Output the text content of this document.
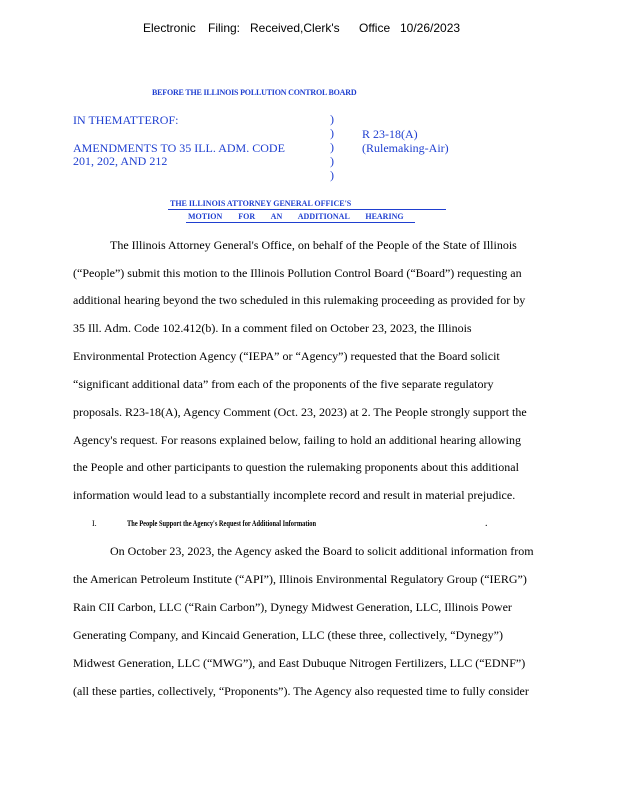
Electronic Filing: Received,Clerk's Office 10/26/2023
BEFORE THE ILLINOIS POLLUTION CONTROL BOARD
IN THEMATTEROF:
AMENDMENTS TO 35 ILL. ADM. CODE
201, 202, AND 212
)
)
)
)
)
R 23-18(A)
(Rulemaking-Air)
THE ILLINOIS ATTORNEY GENERAL OFFICE'S
MOTION FOR AN ADDITIONAL HEARING
The Illinois Attorney General's Office, on behalf of the People of the State of Illinois
(“People”) submit this motion to the Illinois Pollution Control Board (“Board”) requesting an
additional hearing beyond the two scheduled in this rulemaking proceeding as provided for by
35 Ill. Adm. Code 102.412(b). In a comment filed on October 23, 2023, the Illinois
Environmental Protection Agency (“IEPA” or “Agency”) requested that the Board solicit
“significant additional data” from each of the proponents of the five separate regulatory
proposals. R23-18(A), Agency Comment (Oct. 23, 2023) at 2. The People strongly support the
Agency's request. For reasons explained below, failing to hold an additional hearing allowing
the People and other participants to question the rulemaking proponents about this additional
information would lead to a substantially incomplete record and result in material prejudice.
I.	The People Support the Agency's Request for Additional Information	.
On October 23, 2023, the Agency asked the Board to solicit additional information from
the American Petroleum Institute (“API”), Illinois Environmental Regulatory Group (“IERG”)
Rain CII Carbon, LLC (“Rain Carbon”), Dynegy Midwest Generation, LLC, Illinois Power
Generating Company, and Kincaid Generation, LLC (these three, collectively, “Dynegy”)
Midwest Generation, LLC (“MWG”), and East Dubuque Nitrogen Fertilizers, LLC (“EDNF”)
(all these parties, collectively, “Proponents”). The Agency also requested time to fully consider
